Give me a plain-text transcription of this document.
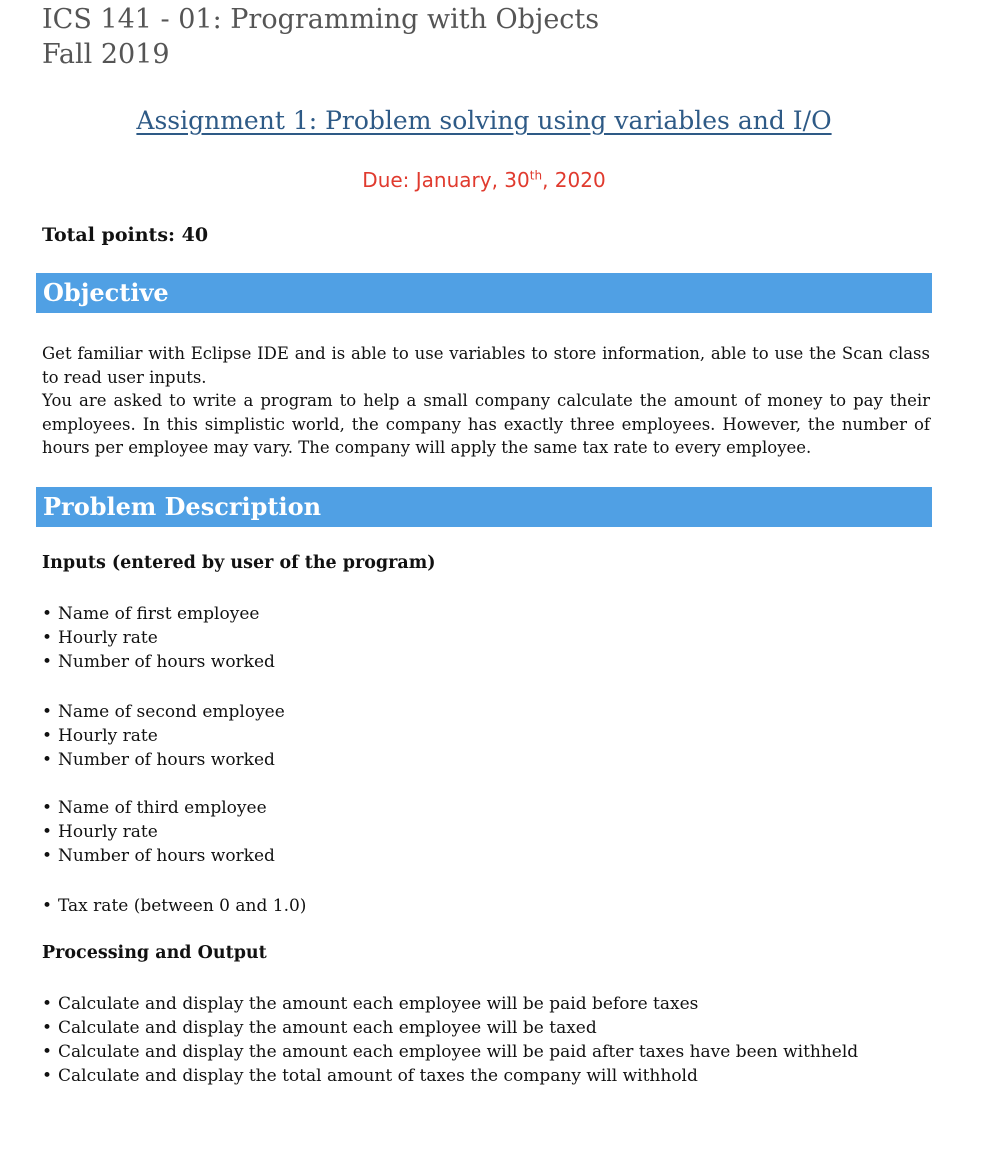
ICS 141 - 01: Programming with Objects
Fall 2019
Assignment 1: Problem solving using variables and I/O
Due: January, 30th, 2020
Total points: 40
Objective

Get familiar with Eclipse IDE and is able to use variables to store information, able to use the Scan class to read user inputs.

You are asked to write a program to help a small company calculate the amount of money to pay their employees. In this simplistic world, the company has exactly three employees. However, the number of hours per employee may vary. The company will apply the same tax rate to every employee.

Problem Description
Inputs (entered by user of the program)
• Name of first employee
• Hourly rate
• Number of hours worked
• Name of second employee
• Hourly rate
• Number of hours worked
• Name of third employee
• Hourly rate
• Number of hours worked
• Tax rate (between 0 and 1.0)
Processing and Output
• Calculate and display the amount each employee will be paid before taxes
• Calculate and display the amount each employee will be taxed
• Calculate and display the amount each employee will be paid after taxes have been withheld
• Calculate and display the total amount of taxes the company will withhold
